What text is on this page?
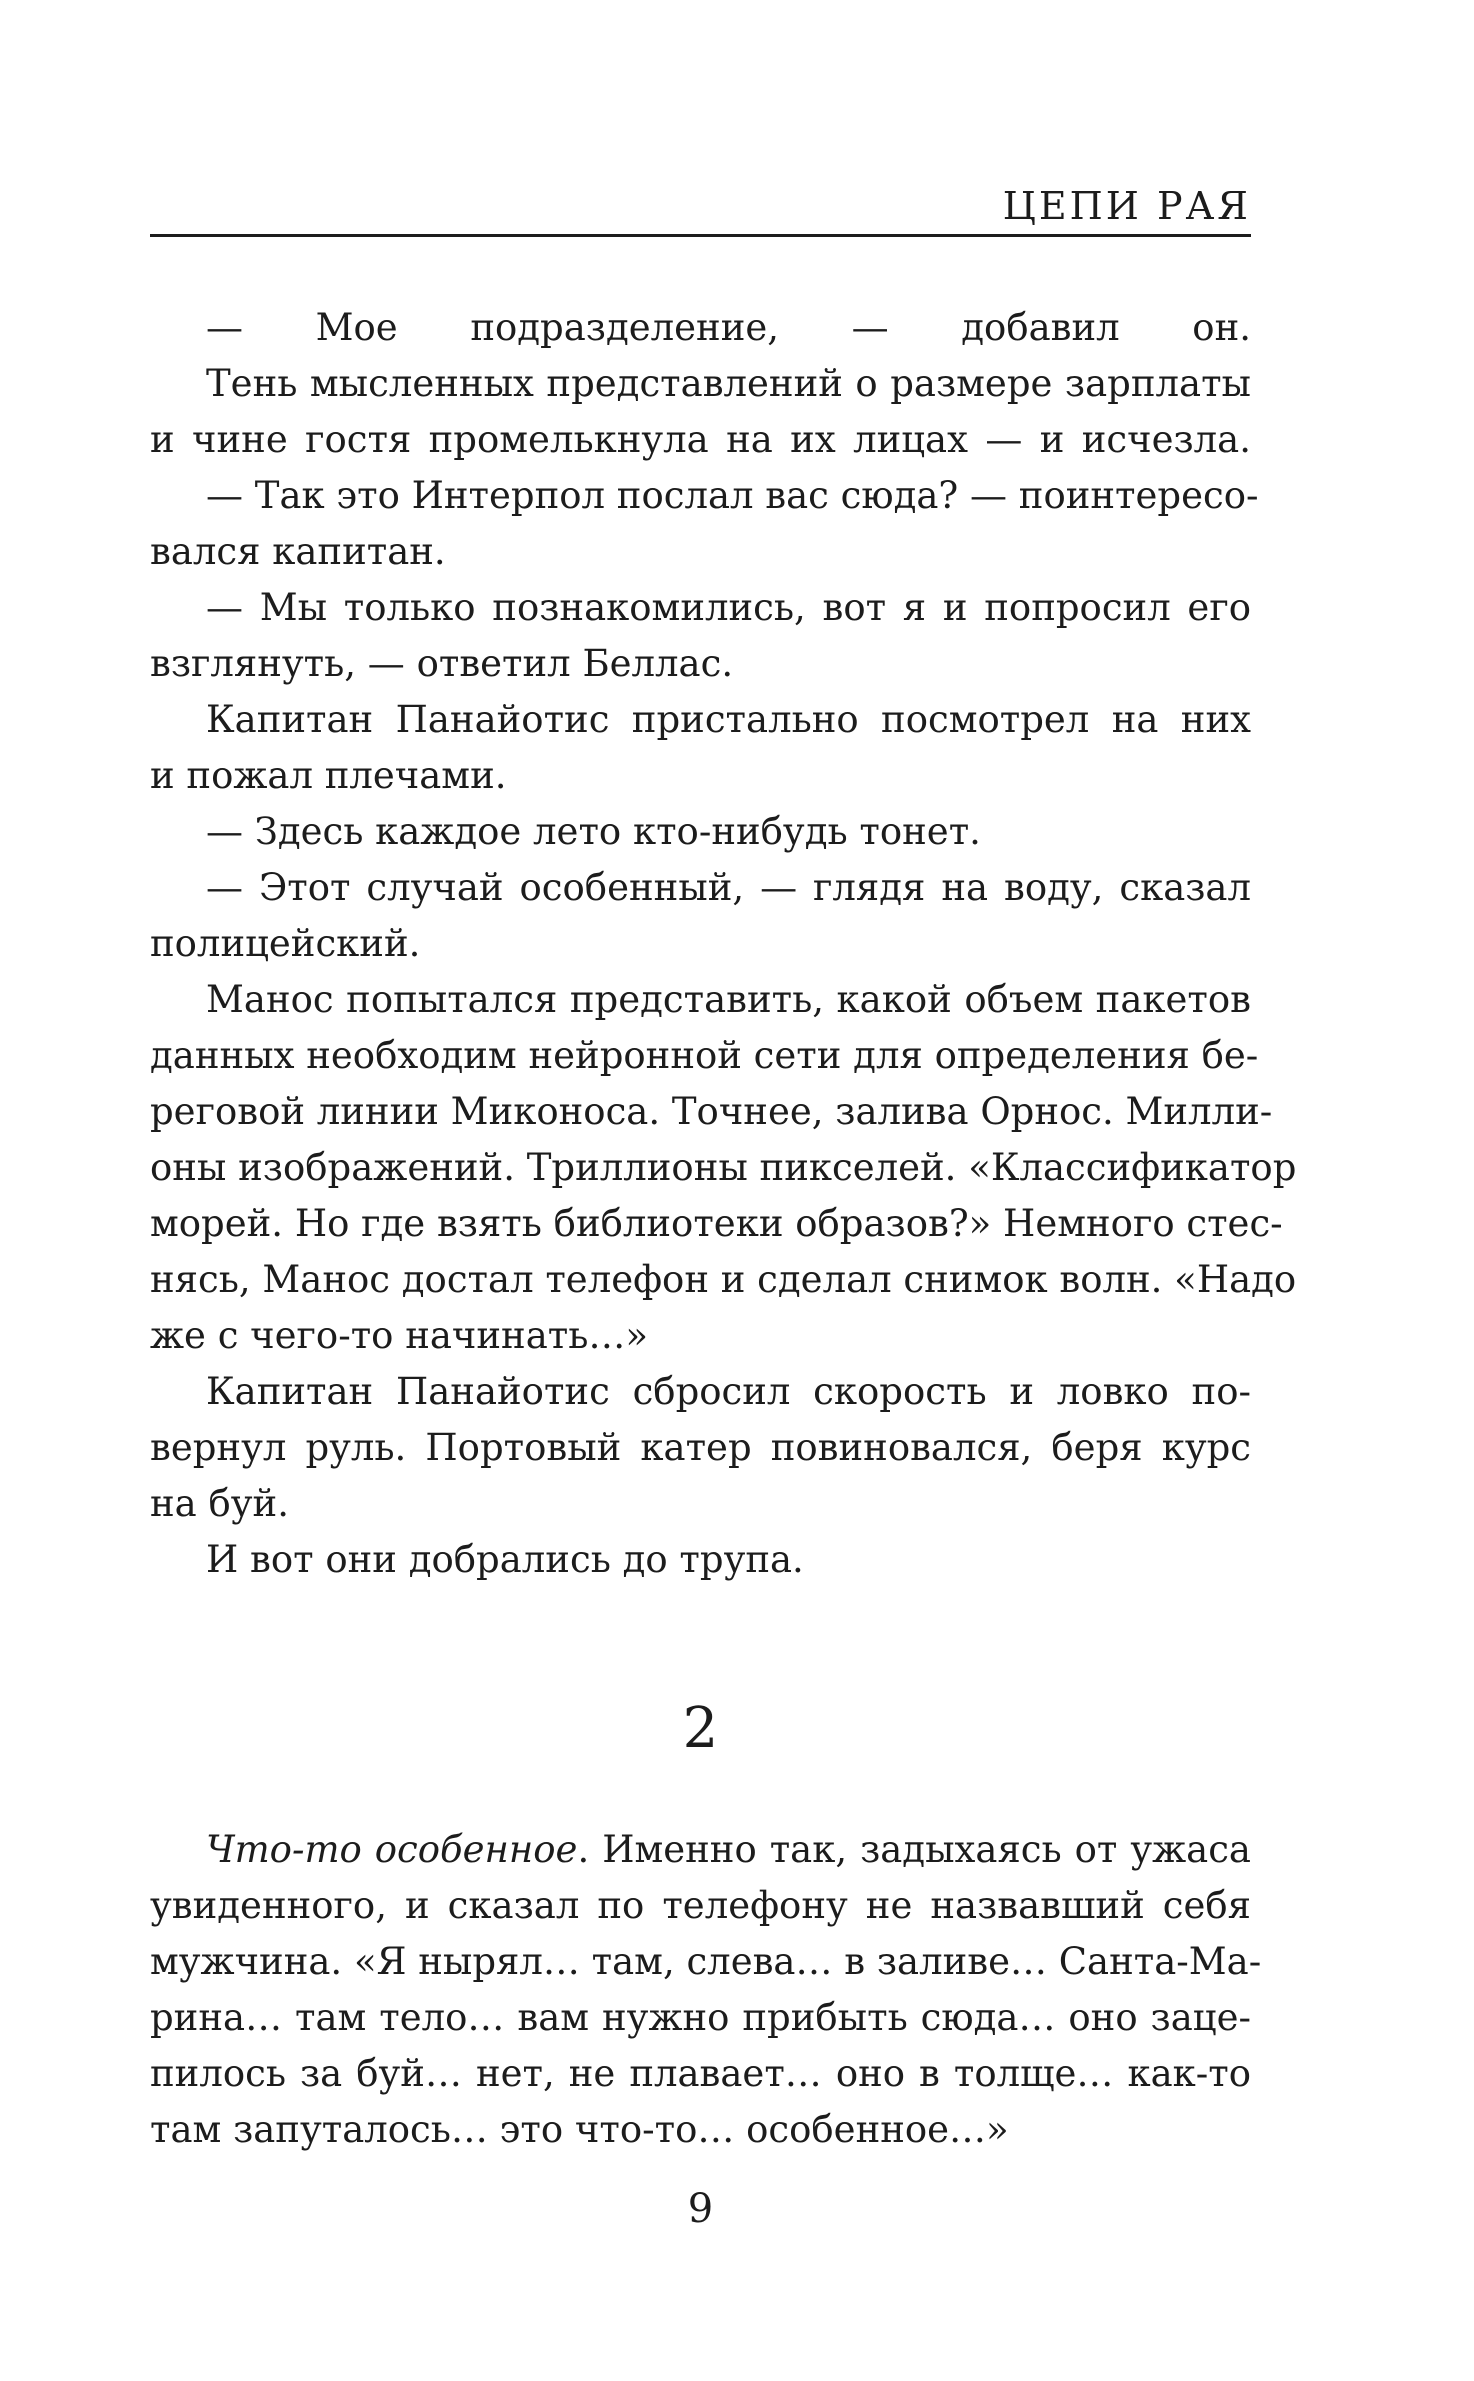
ЦЕПИ РАЯ
— Мое подразделение, — добавил он.
Тень мысленных представлений о размере зарплаты
и чине гостя промелькнула на их лицах — и исчезла.
— Так это Интерпол послал вас сюда? — поинтересо-
вался капитан.
— Мы только познакомились, вот я и попросил его
взглянуть, — ответил Беллас.
Капитан Панайотис пристально посмотрел на них
и пожал плечами.
— Здесь каждое лето кто-нибудь тонет.
— Этот случай особенный, — глядя на воду, сказал
полицейский.
Манос попытался представить, какой объем пакетов
данных необходим нейронной сети для определения бе-
реговой линии Миконоса. Точнее, залива Орнос. Милли-
оны изображений. Триллионы пикселей. «Классификатор
морей. Но где взять библиотеки образов?» Немного стес-
нясь, Манос достал телефон и сделал снимок волн. «Надо
же с чего-то начинать…»
Капитан Панайотис сбросил скорость и ловко по-
вернул руль. Портовый катер повиновался, беря курс
на буй.
И вот они добрались до трупа.
2
Что-то особенное. Именно так, задыхаясь от ужаса
увиденного, и сказал по телефону не назвавший себя
мужчина. «Я нырял… там, слева… в заливе… Санта-Ма-
рина… там тело… вам нужно прибыть сюда… оно заце-
пилось за буй… нет, не плавает… оно в толще… как-то
там запуталось… это что-то… особенное…»
9
